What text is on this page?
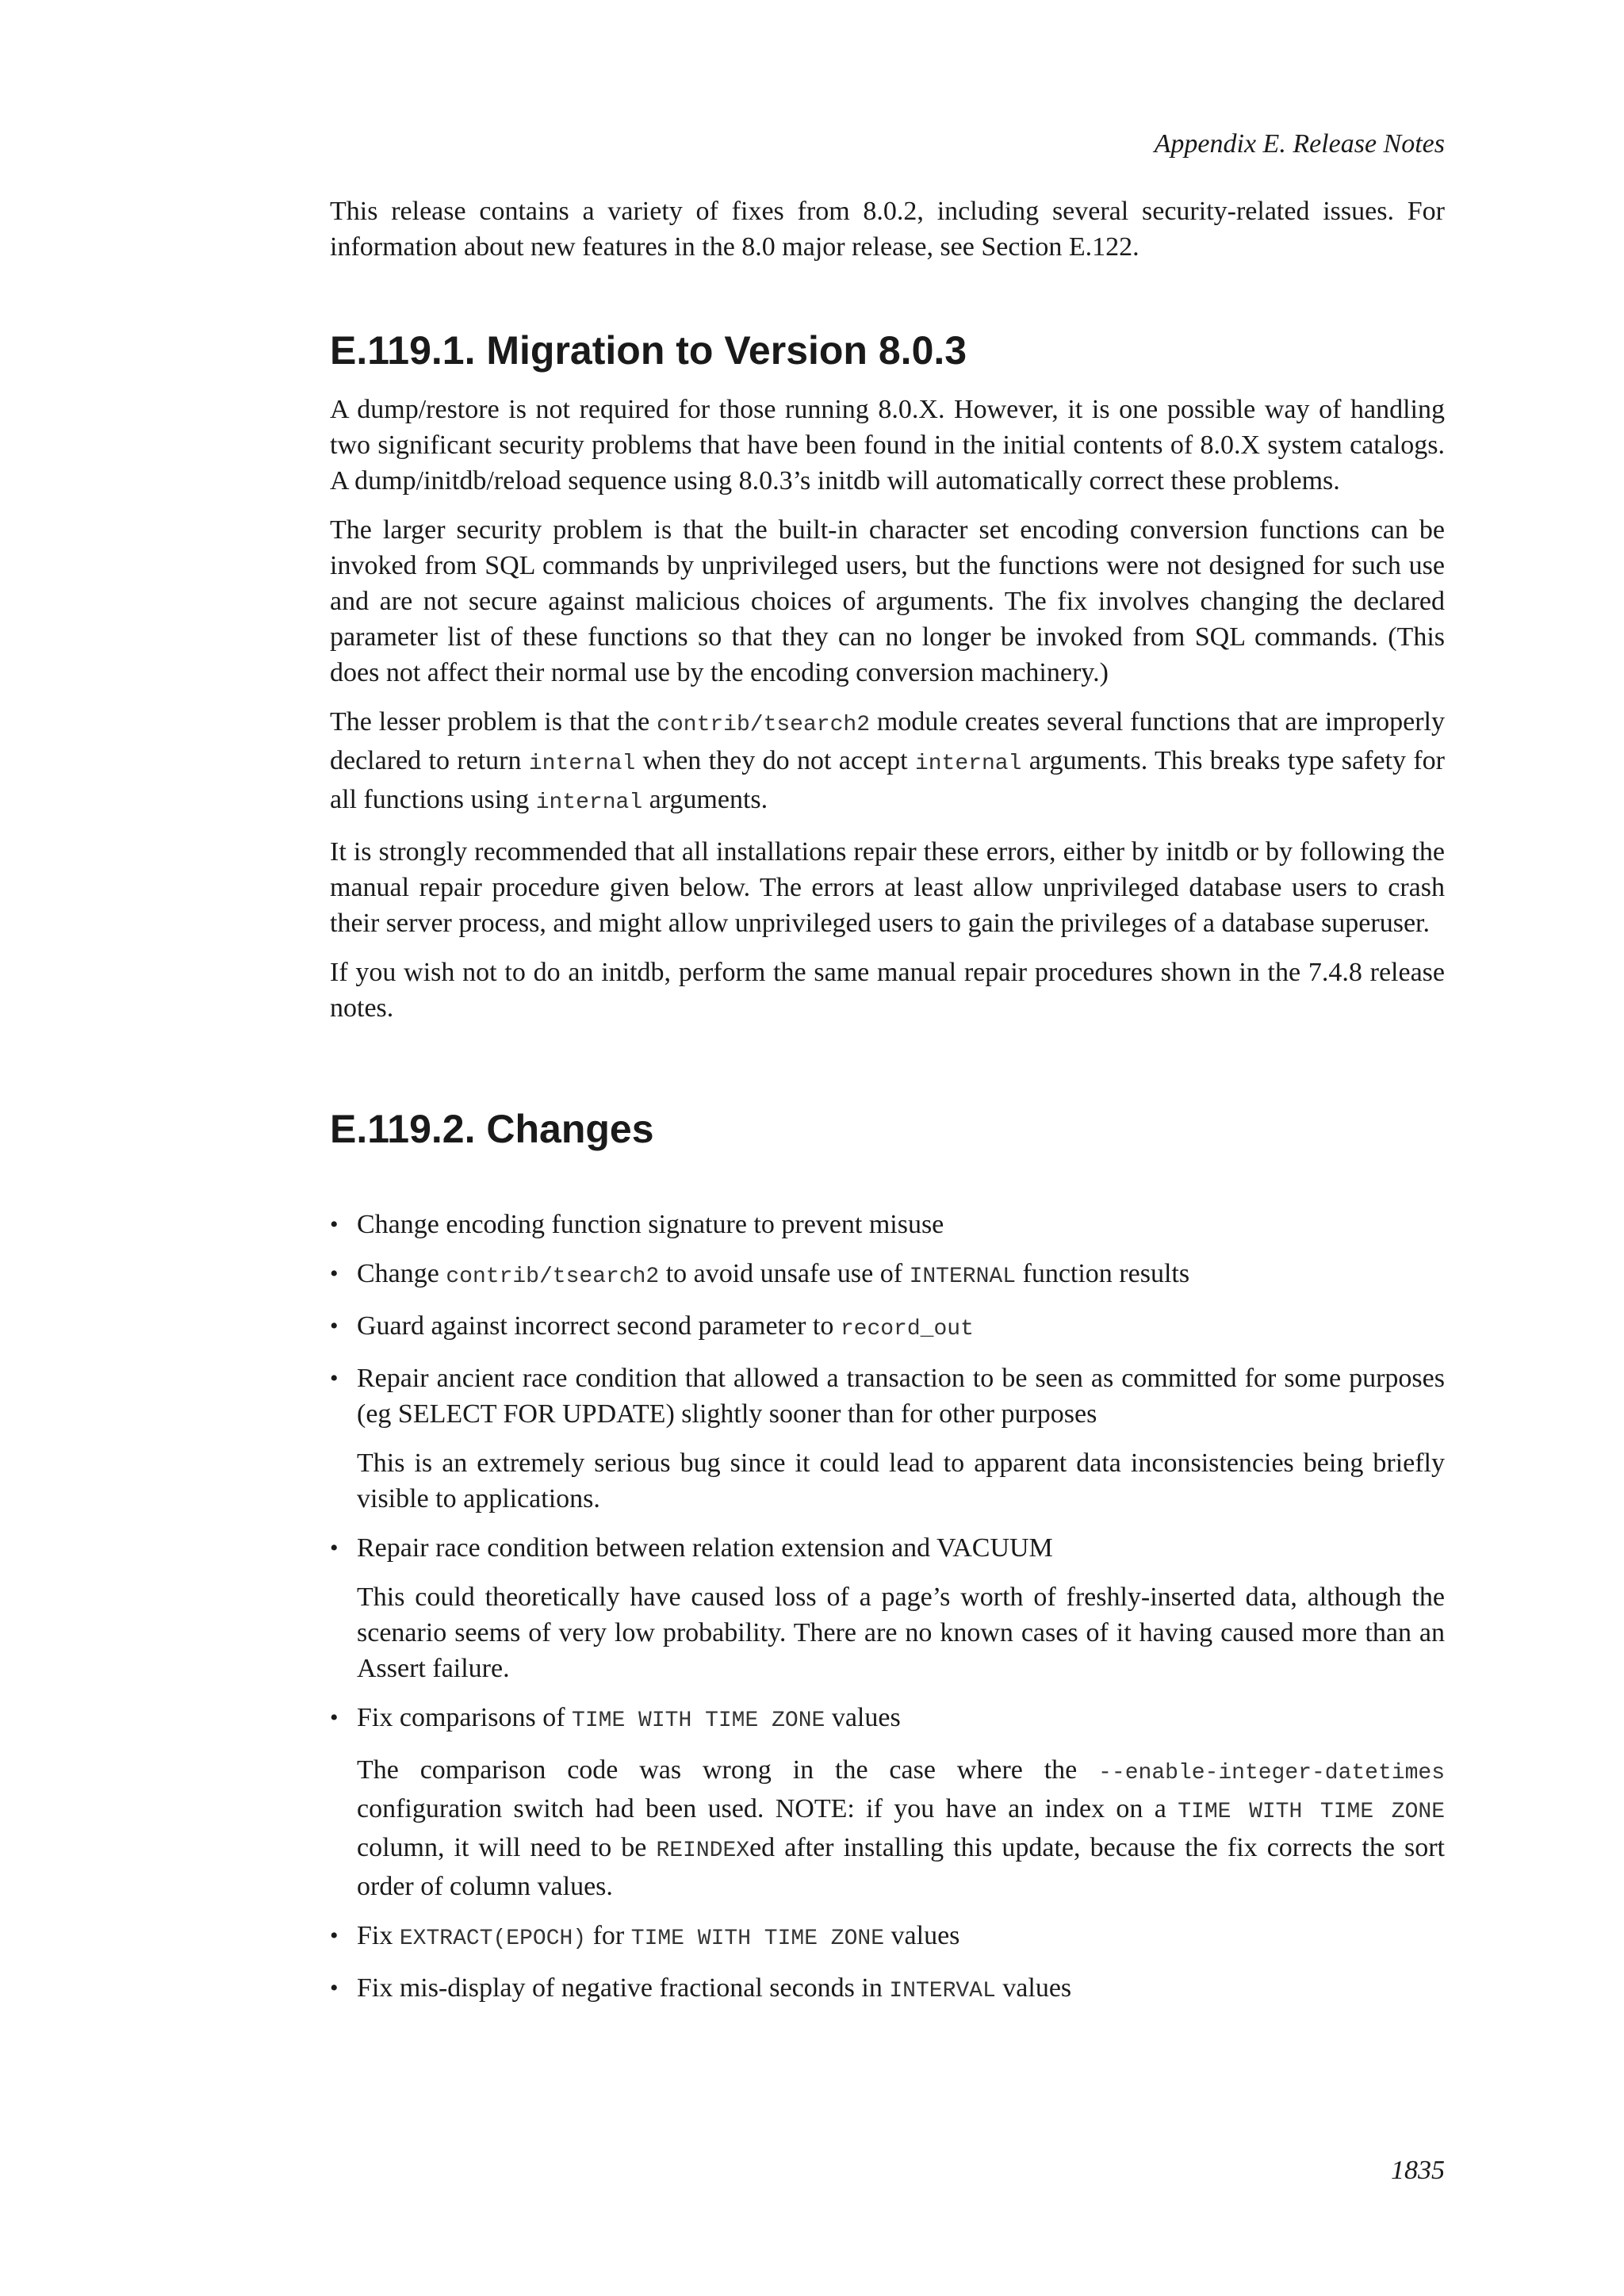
Appendix E. Release Notes

This release contains a variety of fixes from 8.0.2, including several security-related issues. For information about new features in the 8.0 major release, see Section E.122.

E.119.1. Migration to Version 8.0.3

A dump/restore is not required for those running 8.0.X. However, it is one possible way of handling two significant security problems that have been found in the initial contents of 8.0.X system catalogs. A dump/initdb/reload sequence using 8.0.3’s initdb will automatically correct these problems.

The larger security problem is that the built-in character set encoding conversion functions can be invoked from SQL commands by unprivileged users, but the functions were not designed for such use and are not secure against malicious choices of arguments. The fix involves changing the declared parameter list of these functions so that they can no longer be invoked from SQL commands. (This does not affect their normal use by the encoding conversion machinery.)

The lesser problem is that the contrib/tsearch2 module creates several functions that are improperly declared to return internal when they do not accept internal arguments. This breaks type safety for all functions using internal arguments.

It is strongly recommended that all installations repair these errors, either by initdb or by following the manual repair procedure given below. The errors at least allow unprivileged database users to crash their server process, and might allow unprivileged users to gain the privileges of a database superuser.

If you wish not to do an initdb, perform the same manual repair procedures shown in the 7.4.8 release notes.

E.119.2. Changes
• Change encoding function signature to prevent misuse

• Change contrib/tsearch2 to avoid unsafe use of INTERNAL function results

• Guard against incorrect second parameter to record_out

• Repair ancient race condition that allowed a transaction to be seen as committed for some purposes (eg SELECT FOR UPDATE) slightly sooner than for other purposes

This is an extremely serious bug since it could lead to apparent data inconsistencies being briefly visible to applications.

• Repair race condition between relation extension and VACUUM

This could theoretically have caused loss of a page’s worth of freshly-inserted data, although the scenario seems of very low probability. There are no known cases of it having caused more than an Assert failure.

• Fix comparisons of TIME WITH TIME ZONE values

The comparison code was wrong in the case where the --enable-integer-datetimes configuration switch had been used. NOTE: if you have an index on a TIME WITH TIME ZONE column, it will need to be REINDEXed after installing this update, because the fix corrects the sort order of column values.

• Fix EXTRACT(EPOCH) for TIME WITH TIME ZONE values

• Fix mis-display of negative fractional seconds in INTERVAL values

1835
